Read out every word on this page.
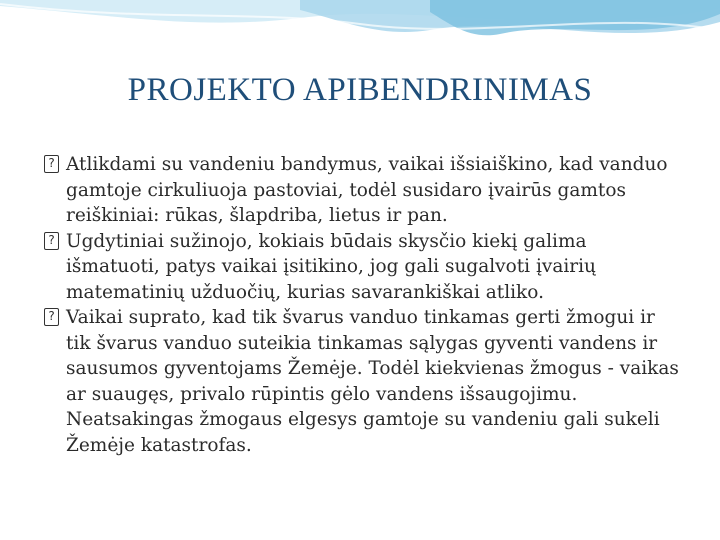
PROJEKTO APIBENDRINIMAS

? Atlikdami su vandeniu bandymus, vaikai išsiaiškino, kad vanduo gamtoje cirkuliuoja pastoviai, todėl susidaro įvairūs gamtos reiškiniai: rūkas, šlapdriba, lietus ir pan.

? Ugdytiniai sužinojo, kokiais būdais skysčio kiekį galima išmatuoti, patys vaikai įsitikino, jog gali sugalvoti įvairių matematinių užduočių, kurias savarankiškai atliko.

? Vaikai suprato, kad tik švarus vanduo tinkamas gerti žmogui ir tik švarus vanduo suteikia tinkamas sąlygas gyventi vandens ir sausumos gyventojams Žemėje. Todėl kiekvienas žmogus - vaikas ar suaugęs, privalo rūpintis gėlo vandens išsaugojimu. Neatsakingas žmogaus elgesys gamtoje su vandeniu gali sukeli Žemėje katastrofas.
